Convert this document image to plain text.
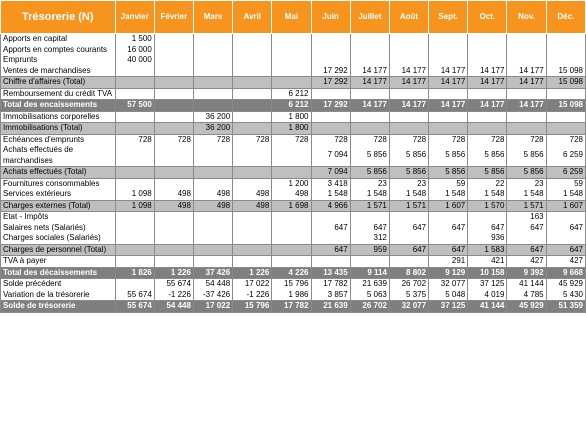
Trésorerie (N)	Janvier	Février	Mars	Avril	Mai	Juin	Juillet	Août	Sept.	Oct.	Nov.	Déc.
Apports en capital	1 500											
Apports en comptes courants	16 000											
Emprunts	40 000											
Ventes de marchandises						17 292	14 177	14 177	14 177	14 177	14 177	15 098
Chiffre d'affaires (Total)						17 292	14 177	14 177	14 177	14 177	14 177	15 098
Remboursement du crédit TVA					6 212							
Total des encaissements	57 500				6 212	17 292	14 177	14 177	14 177	14 177	14 177	15 098
Immobilisations corporelles			36 200		1 800							
Immobilisations (Total)			36 200		1 800							
Echéances d'emprunts	728	728	728	728	728	728	728	728	728	728	728	728
Achats effectués de marchandises						7 094	5 856	5 856	5 856	5 856	5 856	6 259
Achats effectués (Total)						7 094	5 856	5 856	5 856	5 856	5 856	6 259
Fournitures consommables					1 200	3 418	23	23	59	22	23	59
Services extérieurs	1 098	498	498	498	498	1 548	1 548	1 548	1 548	1 548	1 548	1 548
Charges externes (Total)	1 098	498	498	498	1 698	4 966	1 571	1 571	1 607	1 570	1 571	1 607
Etat - Impôts											163	
Salaires nets (Salariés)						647	647	647	647	647	647	647
Charges sociales (Salariés)							312			936		
Charges de personnel (Total)						647	959	647	647	1 583	647	647
TVA à payer									291	421	427	427
Total des décaissements	1 826	1 226	37 426	1 226	4 226	13 435	9 114	8 802	9 129	10 158	9 392	9 668
Solde précédent		55 674	54 448	17 022	15 796	17 782	21 639	26 702	32 077	37 125	41 144	45 929
Variation de la trésorerie	55 674	-1 226	-37 426	-1 226	1 986	3 857	5 063	5 375	5 048	4 019	4 785	5 430
Solde de trésorerie	55 674	54 448	17 022	15 796	17 782	21 639	26 702	32 077	37 125	41 144	45 929	51 359
